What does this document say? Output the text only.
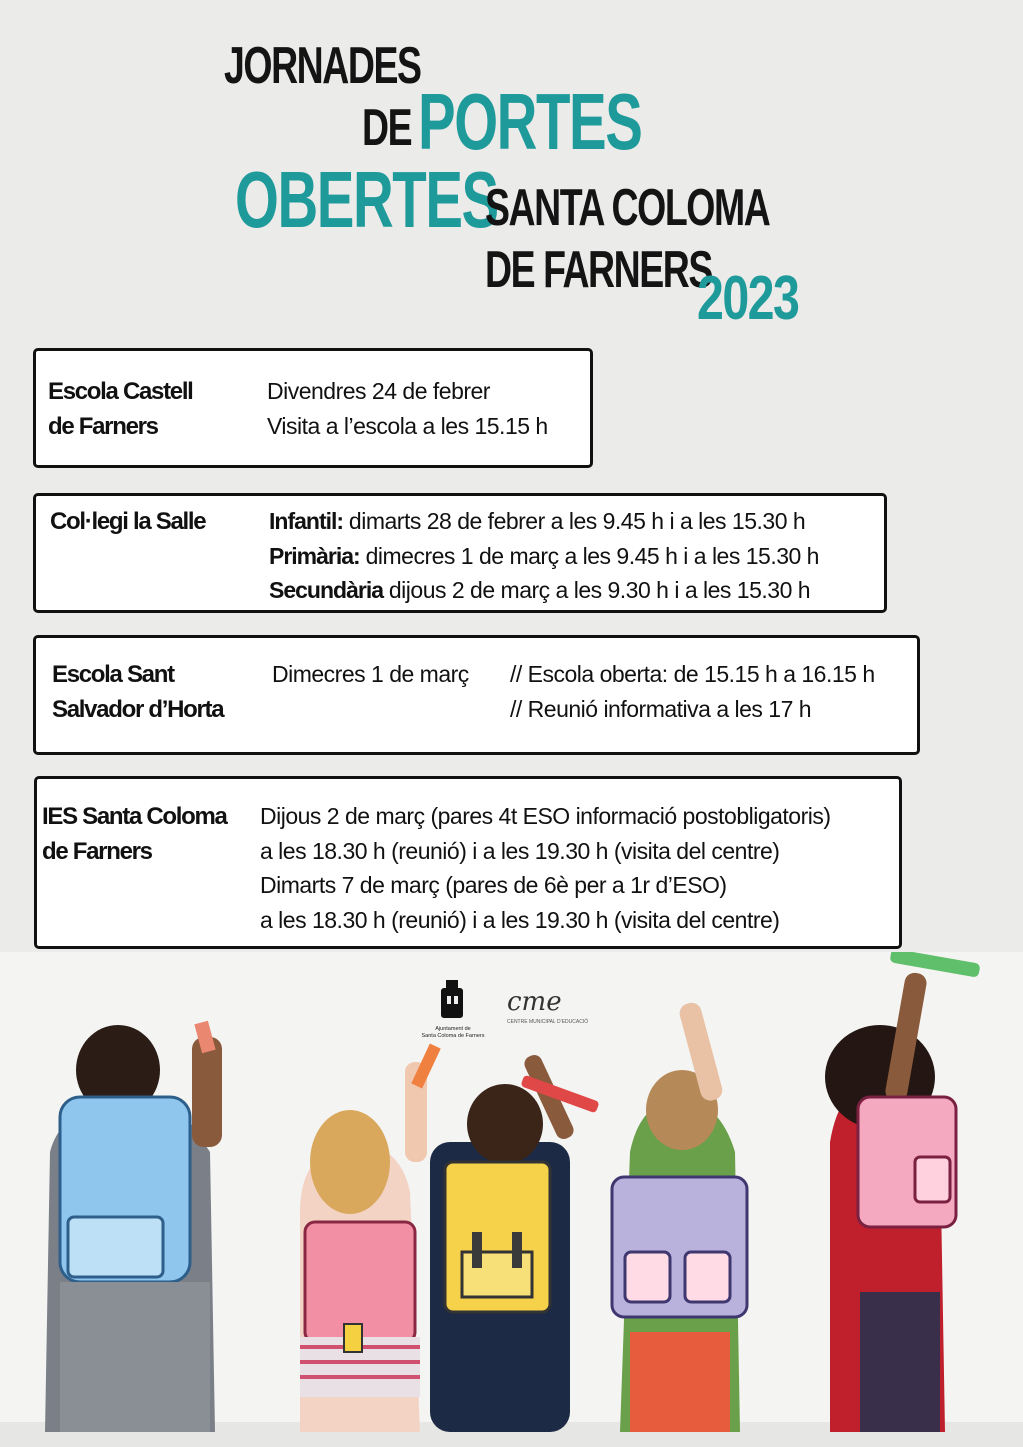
JORNADES
DE PORTES
OBERTES
SANTA COLOMA
DE FARNERS
2023
Escola Castell
de Farners
Divendres 24 de febrer
Visita a l’escola a les 15.15 h
Col·legi la Salle	Infantil: dimarts 28 de febrer a les 9.45 h i a les 15.30 h
Primària: dimecres 1 de març a les 9.45 h i a les 15.30 h
Secundària dijous 2 de març a les 9.30 h i a les 15.30 h
Escola Sant
Salvador d’Horta
Dimecres 1 de març // Escola oberta: de 15.15 h a 16.15 h
// Reunió informativa a les 17 h
IES Santa Coloma
de Farners
Dijous 2 de març (pares 4t ESO informació postobligatoris)
a les 18.30 h (reunió) i a les 19.30 h (visita del centre)
Dimarts 7 de març (pares de 6è per a 1r d’ESO)
a les 18.30 h (reunió) i a les 19.30 h (visita del centre)
Ajuntament de
Santa Coloma de Farners
cme
CENTRE MUNICIPAL D’EDUCACIÓ
